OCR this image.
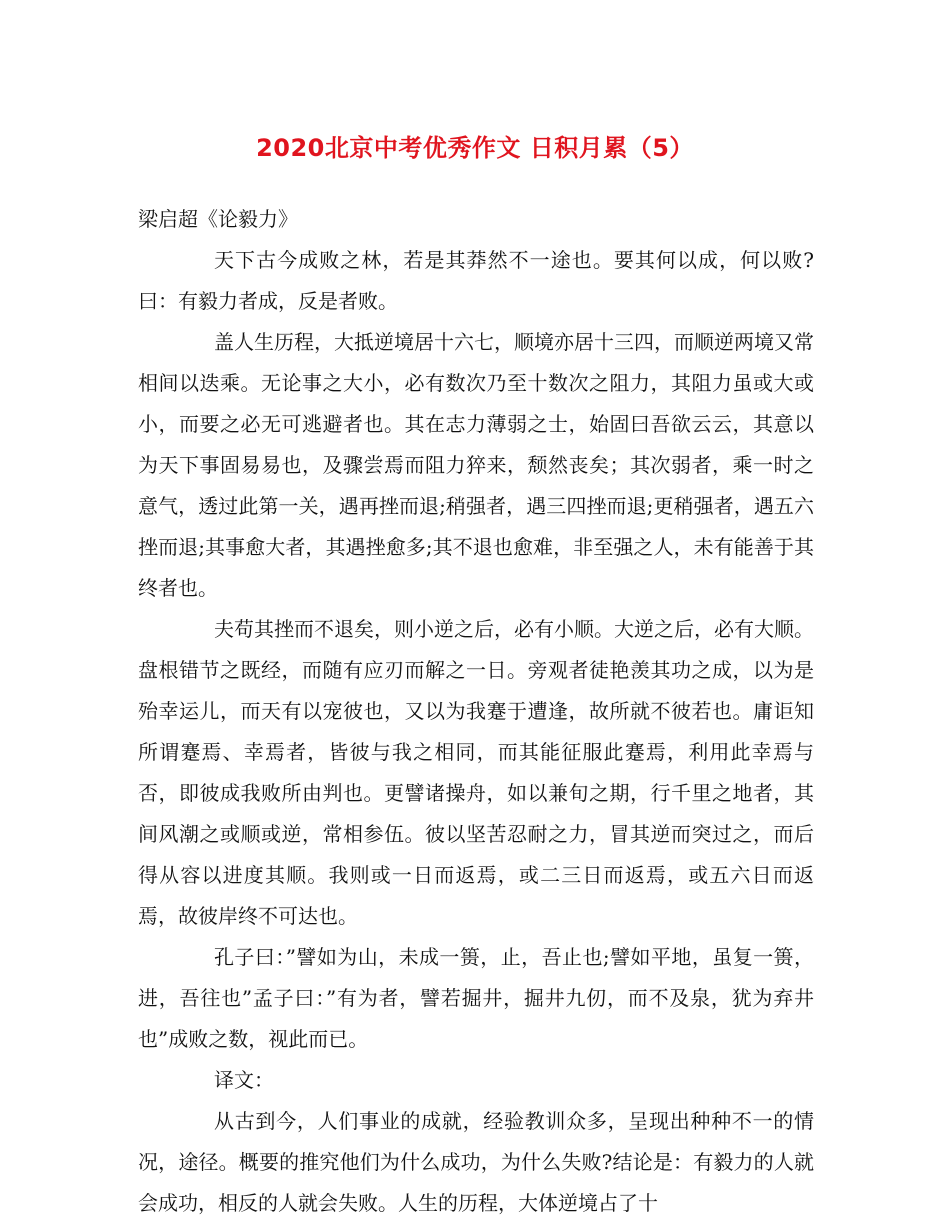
2020北京中考优秀作文 日积月累（5）

梁启超《论毅力》

天下古今成败之林，若是其莽然不一途也。要其何以成，何以败?曰：有毅力者成，反是者败。

盖人生历程，大抵逆境居十六七，顺境亦居十三四，而顺逆两境又常相间以迭乘。无论事之大小，必有数次乃至十数次之阻力，其阻力虽或大或小，而要之必无可逃避者也。其在志力薄弱之士，始固曰吾欲云云，其意以为天下事固易易也，及骤尝焉而阻力猝来，颓然丧矣；其次弱者，乘一时之意气，透过此第一关，遇再挫而退;稍强者，遇三四挫而退;更稍强者，遇五六挫而退;其事愈大者，其遇挫愈多;其不退也愈难，非至强之人，未有能善于其终者也。

夫苟其挫而不退矣，则小逆之后，必有小顺。大逆之后，必有大顺。盘根错节之既经，而随有应刃而解之一日。旁观者徒艳羡其功之成，以为是殆幸运儿，而天有以宠彼也，又以为我蹇于遭逢，故所就不彼若也。庸讵知所谓蹇焉、幸焉者，皆彼与我之相同，而其能征服此蹇焉，利用此幸焉与否，即彼成我败所由判也。更譬诸操舟，如以兼旬之期，行千里之地者，其间风潮之或顺或逆，常相参伍。彼以坚苦忍耐之力，冒其逆而突过之，而后得从容以进度其顺。我则或一日而返焉，或二三日而返焉，或五六日而返焉，故彼岸终不可达也。

孔子曰：”譬如为山，未成一篑，止，吾止也;譬如平地，虽复一篑，进，吾往也”孟子曰：”有为者，譬若掘井，掘井九仞，而不及泉，犹为弃井也”成败之数，视此而已。

译文：

从古到今，人们事业的成就，经验教训众多，呈现出种种不一的情况，途径。概要的推究他们为什么成功，为什么失败?结论是：有毅力的人就会成功，相反的人就会失败。人生的历程，大体逆境占了十
